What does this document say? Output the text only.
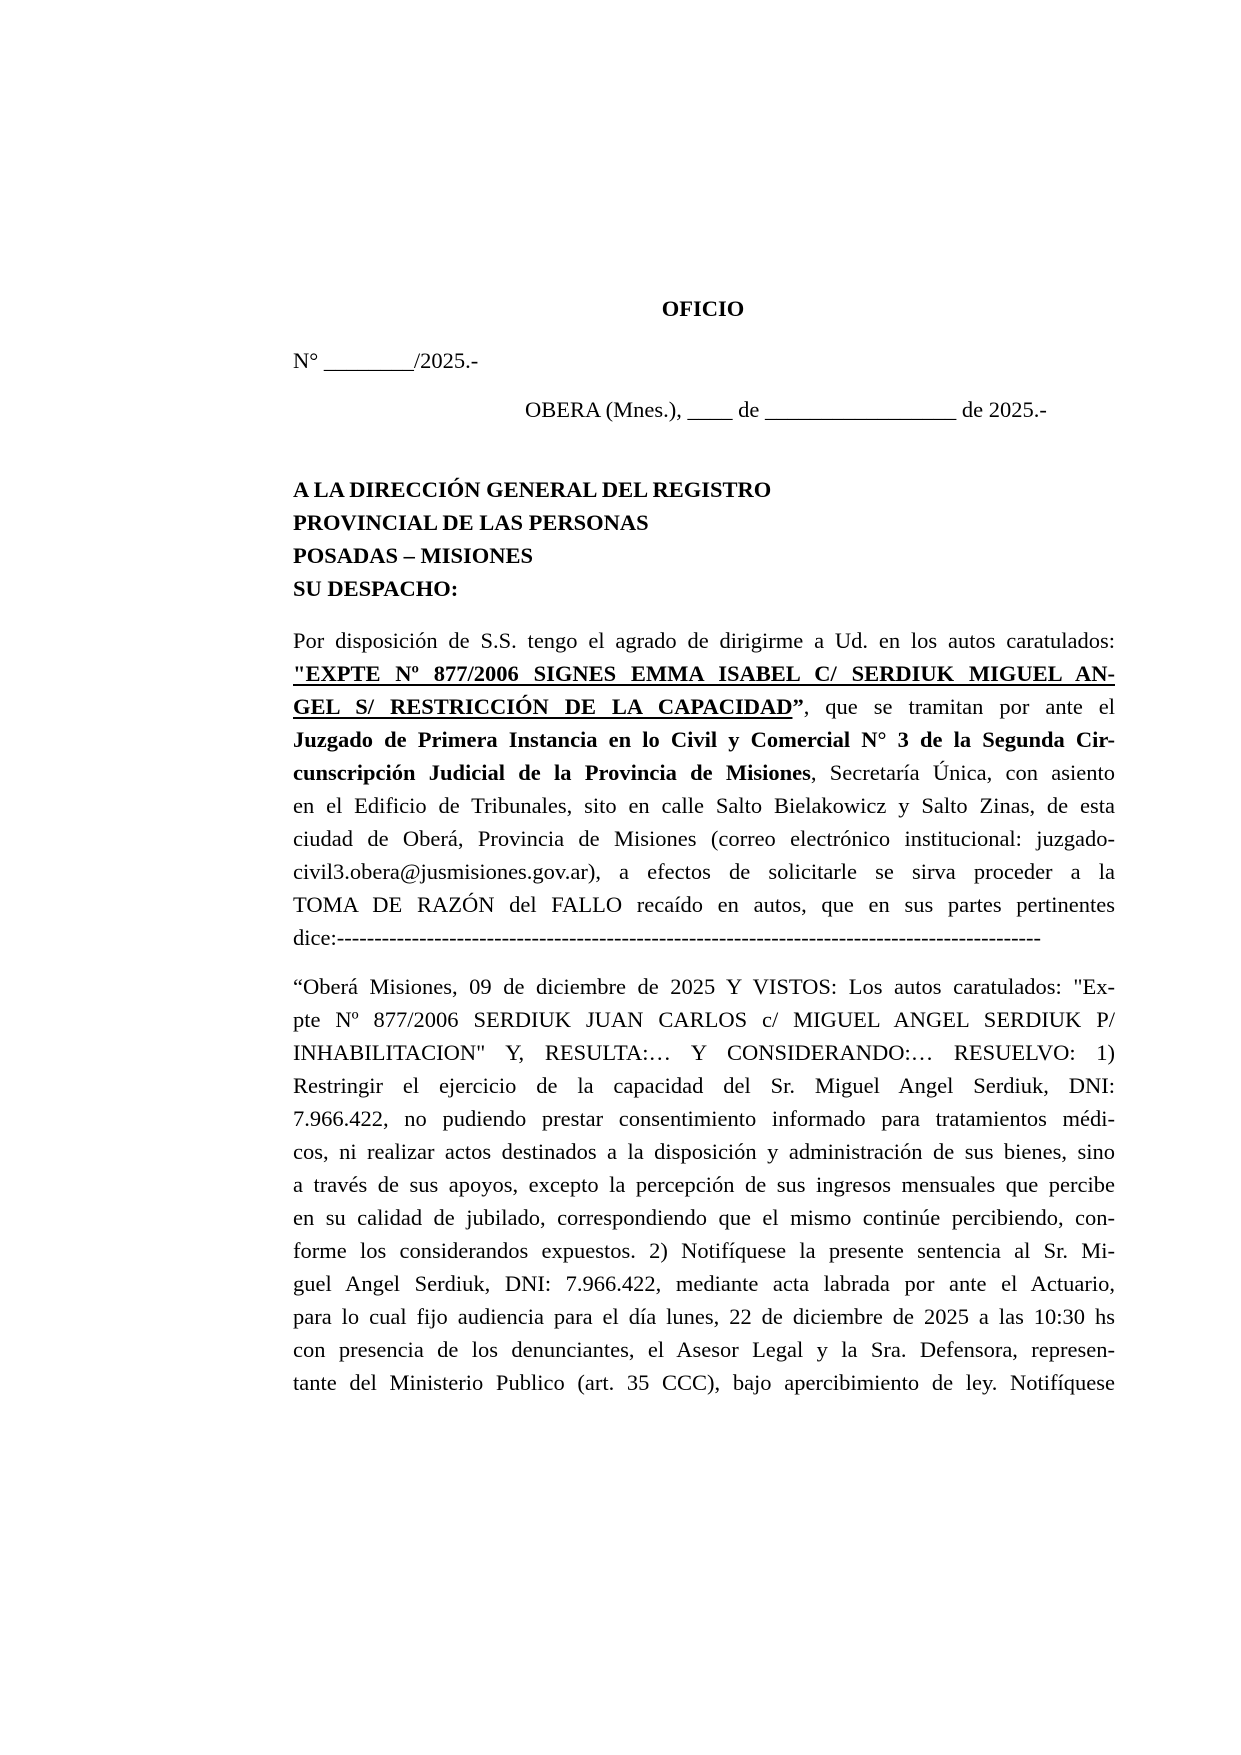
OFICIO
N° ________/2025.-
OBERA (Mnes.), ____ de _________________ de 2025.-
A LA DIRECCIÓN GENERAL DEL REGISTRO
PROVINCIAL DE LAS PERSONAS
POSADAS – MISIONES
SU DESPACHO:
Por disposición de S.S. tengo el agrado de dirigirme a Ud. en los autos caratulados:
"EXPTE Nº 877/2006 SIGNES EMMA ISABEL C/ SERDIUK MIGUEL AN-
GEL S/ RESTRICCIÓN DE LA CAPACIDAD”, que se tramitan por ante el
Juzgado de Primera Instancia en lo Civil y Comercial N° 3 de la Segunda Cir-
cunscripción Judicial de la Provincia de Misiones, Secretaría Única, con asiento
en el Edificio de Tribunales, sito en calle Salto Bielakowicz y Salto Zinas, de esta
ciudad de Oberá, Provincia de Misiones (correo electrónico institucional: juzgado-
civil3.obera@jusmisiones.gov.ar), a efectos de solicitarle se sirva proceder a la
TOMA DE RAZÓN del FALLO recaído en autos, que en sus partes pertinentes
dice:----------------------------------------------------------------------------------------------
“Oberá Misiones, 09 de diciembre de 2025 Y VISTOS: Los autos caratulados: "Ex-
pte Nº 877/2006 SERDIUK JUAN CARLOS c/ MIGUEL ANGEL SERDIUK P/
INHABILITACION" Y, RESULTA:… Y CONSIDERANDO:… RESUELVO: 1)
Restringir el ejercicio de la capacidad del Sr. Miguel Angel Serdiuk, DNI:
7.966.422, no pudiendo prestar consentimiento informado para tratamientos médi-
cos, ni realizar actos destinados a la disposición y administración de sus bienes, sino
a través de sus apoyos, excepto la percepción de sus ingresos mensuales que percibe
en su calidad de jubilado, correspondiendo que el mismo continúe percibiendo, con-
forme los considerandos expuestos. 2) Notifíquese la presente sentencia al Sr. Mi-
guel Angel Serdiuk, DNI: 7.966.422, mediante acta labrada por ante el Actuario,
para lo cual fijo audiencia para el día lunes, 22 de diciembre de 2025 a las 10:30 hs
con presencia de los denunciantes, el Asesor Legal y la Sra. Defensora, represen-
tante del Ministerio Publico (art. 35 CCC), bajo apercibimiento de ley. Notifíquese
